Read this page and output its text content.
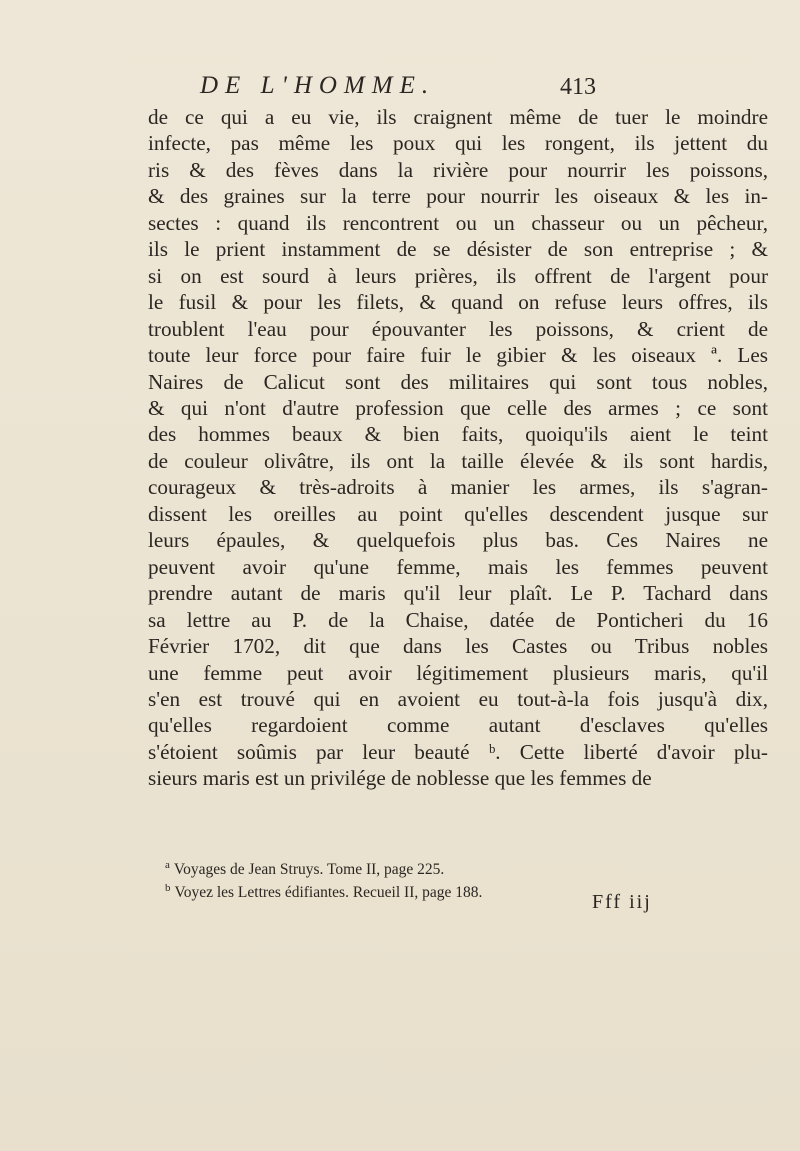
DE L'HOMME.	413
de ce qui a eu vie, ils craignent même de tuer le moindre
infecte, pas même les poux qui les rongent, ils jettent du
ris & des fèves dans la rivière pour nourrir les poissons,
& des graines sur la terre pour nourrir les oiseaux & les in-
sectes : quand ils rencontrent ou un chasseur ou un pêcheur,
ils le prient instamment de se désister de son entreprise ; &
si on est sourd à leurs prières, ils offrent de l'argent pour
le fusil & pour les filets, & quand on refuse leurs offres, ils
troublent l'eau pour épouvanter les poissons, & crient de
toute leur force pour faire fuir le gibier & les oiseaux ª. Les
Naires de Calicut sont des militaires qui sont tous nobles,
& qui n'ont d'autre profession que celle des armes ; ce sont
des hommes beaux & bien faits, quoiqu'ils aient le teint
de couleur olivâtre, ils ont la taille élevée & ils sont hardis,
courageux & très-adroits à manier les armes, ils s'agran-
dissent les oreilles au point qu'elles descendent jusque sur
leurs épaules, & quelquefois plus bas. Ces Naires ne
peuvent avoir qu'une femme, mais les femmes peuvent
prendre autant de maris qu'il leur plaît. Le P. Tachard dans
sa lettre au P. de la Chaise, datée de Ponticheri du 16
Février 1702, dit que dans les Castes ou Tribus nobles
une femme peut avoir légitimement plusieurs maris, qu'il
s'en est trouvé qui en avoient eu tout-à-la fois jusqu'à dix,
qu'elles regardoient comme autant d'esclaves qu'elles
s'étoient soûmis par leur beauté ᵇ. Cette liberté d'avoir plu-
sieurs maris est un privilége de noblesse que les femmes de
$^a$ Voyages de Jean Struys. Tome II, page 225.
$^b$ Voyez les Lettres édifiantes. Recueil II, page 188.	Fff iij
